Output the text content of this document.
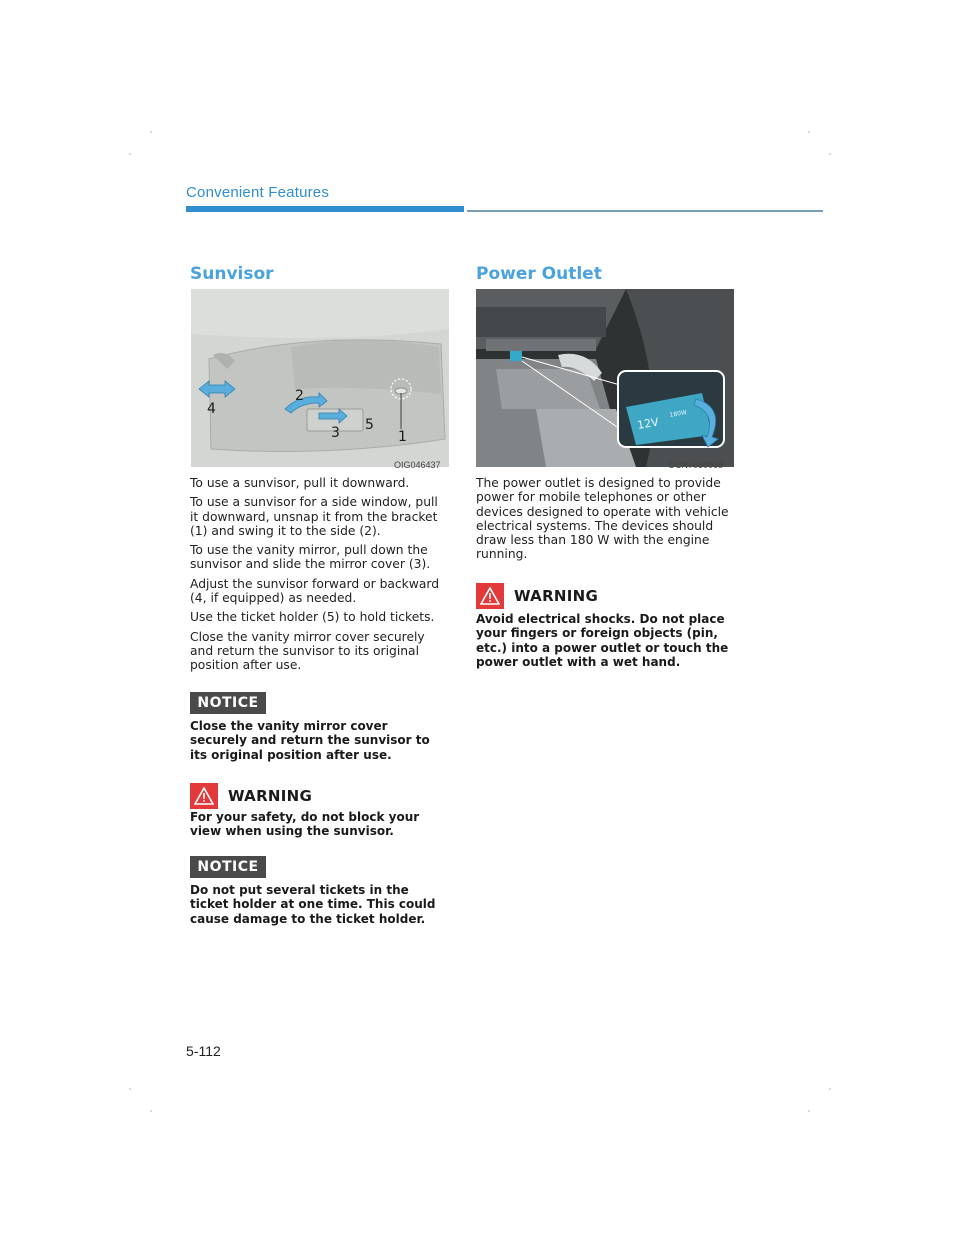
Convenient Features
Sunvisor
1
2
3
4
5
OIG046437

To use a sunvisor, pull it downward.

To use a sunvisor for a side window, pull it downward, unsnap it from the bracket (1) and swing it to the side (2).

To use the vanity mirror, pull down the sunvisor and slide the mirror cover (3).

Adjust the sunvisor forward or backward (4, if equipped) as needed.

Use the ticket holder (5) to hold tickets.

Close the vanity mirror cover securely and return the sunvisor to its original position after use.

NOTICE

Close the vanity mirror cover securely and return the sunvisor to its original position after use.

WARNING

For your safety, do not block your view when using the sunvisor.

NOTICE

Do not put several tickets in the ticket holder at one time. This could cause damage to the ticket holder.

Power Outlet
12V
180W
OCN7050068

The power outlet is designed to provide power for mobile telephones or other devices designed to operate with vehicle electrical systems. The devices should draw less than 180 W with the engine running.

WARNING

Avoid electrical shocks. Do not place your fingers or foreign objects (pin, etc.) into a power outlet or touch the power outlet with a wet hand.

5-112
